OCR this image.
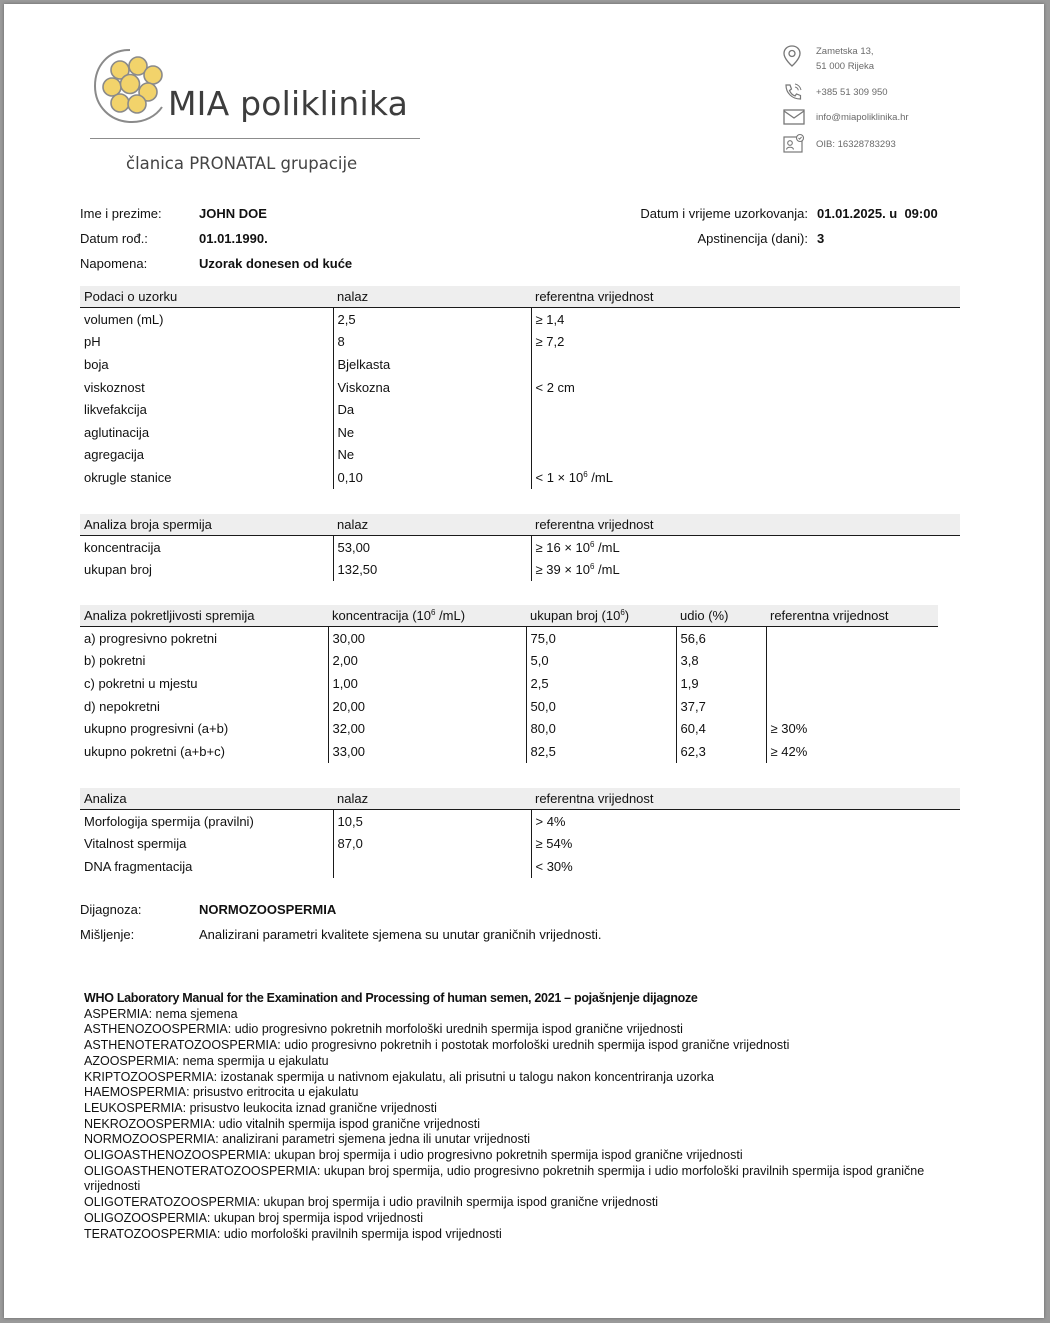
MIA poliklinika
članica PRONATAL grupacije
Zametska 13,
51 000 Rijeka
+385 51 309 950
info@miapoliklinika.hr
OIB: 16328783293
Ime i prezime:	JOHN DOE
Datum rođ.:	01.01.1990.
Napomena:	Uzorak donesen od kuće
Datum i vrijeme uzorkovanja: 01.01.2025. u  09:00
Apstinencija (dani): 3
Podaci o uzorku	nalaz	referentna vrijednost
volumen (mL)	2,5	≥ 1,4
pH	8	≥ 7,2
boja	Bjelkasta	
viskoznost	Viskozna	< 2 cm
likvefakcija	Da	
aglutinacija	Ne	
agregacija	Ne	
okrugle stanice	0,10	< $1 \times 10^6$ /mL
Analiza broja spermija	nalaz	referentna vrijednost
koncentracija	53,00	≥ $16 \times 10^6$ /mL
ukupan broj	132,50	≥ $39 \times 10^6$ /mL
Analiza pokretljivosti spremija	koncentracija ($10^6$ /mL)	ukupan broj $(10^6)$	udio (%)	referentna vrijednost
a) progresivno pokretni	30,00	75,0	56,6	
b) pokretni	2,00	5,0	3,8	
c) pokretni u mjestu	1,00	2,5	1,9	
d) nepokretni	20,00	50,0	37,7	
ukupno progresivni (a+b)	32,00	80,0	60,4	≥ 30%
ukupno pokretni (a+b+c)	33,00	82,5	62,3	≥ 42%
Analiza	nalaz	referentna vrijednost
Morfologija spermija (pravilni)	10,5	> 4%
Vitalnost spermija	87,0	≥ 54%
DNA fragmentacija		< 30%
Dijagnoza:	NORMOZOOSPERMIA
Mišljenje:	Analizirani parametri kvalitete sjemena su unutar graničnih vrijednosti.
WHO Laboratory Manual for the Examination and Processing of human semen, 2021 – pojašnjenje dijagnoze
ASPERMIA: nema sjemena
ASTHENOZOOSPERMIA: udio progresivno pokretnih morfološki urednih spermija ispod granične vrijednosti
ASTHENOTERATOZOOSPERMIA: udio progresivno pokretnih i postotak morfološki urednih spermija ispod granične vrijednosti
AZOOSPERMIA: nema spermija u ejakulatu
KRIPTOZOOSPERMIA: izostanak spermija u nativnom ejakulatu, ali prisutni u talogu nakon koncentriranja uzorka
HAEMOSPERMIA: prisustvo eritrocita u ejakulatu
LEUKOSPERMIA: prisustvo leukocita iznad granične vrijednosti
NEKROZOOSPERMIA: udio vitalnih spermija ispod granične vrijednosti
NORMOZOOSPERMIA: analizirani parametri sjemena jedna ili unutar vrijednosti
OLIGOASTHENOZOOSPERMIA: ukupan broj spermija i udio progresivno pokretnih spermija ispod granične vrijednosti
OLIGOASTHENOTERATOZOOSPERMIA: ukupan broj spermija, udio progresivno pokretnih spermija i udio morfološki pravilnih spermija ispod granične vrijednosti
OLIGOTERATOZOOSPERMIA: ukupan broj spermija i udio pravilnih spermija ispod granične vrijednosti
OLIGOZOOSPERMIA: ukupan broj spermija ispod vrijednosti
TERATOZOOSPERMIA: udio morfološki pravilnih spermija ispod vrijednosti
